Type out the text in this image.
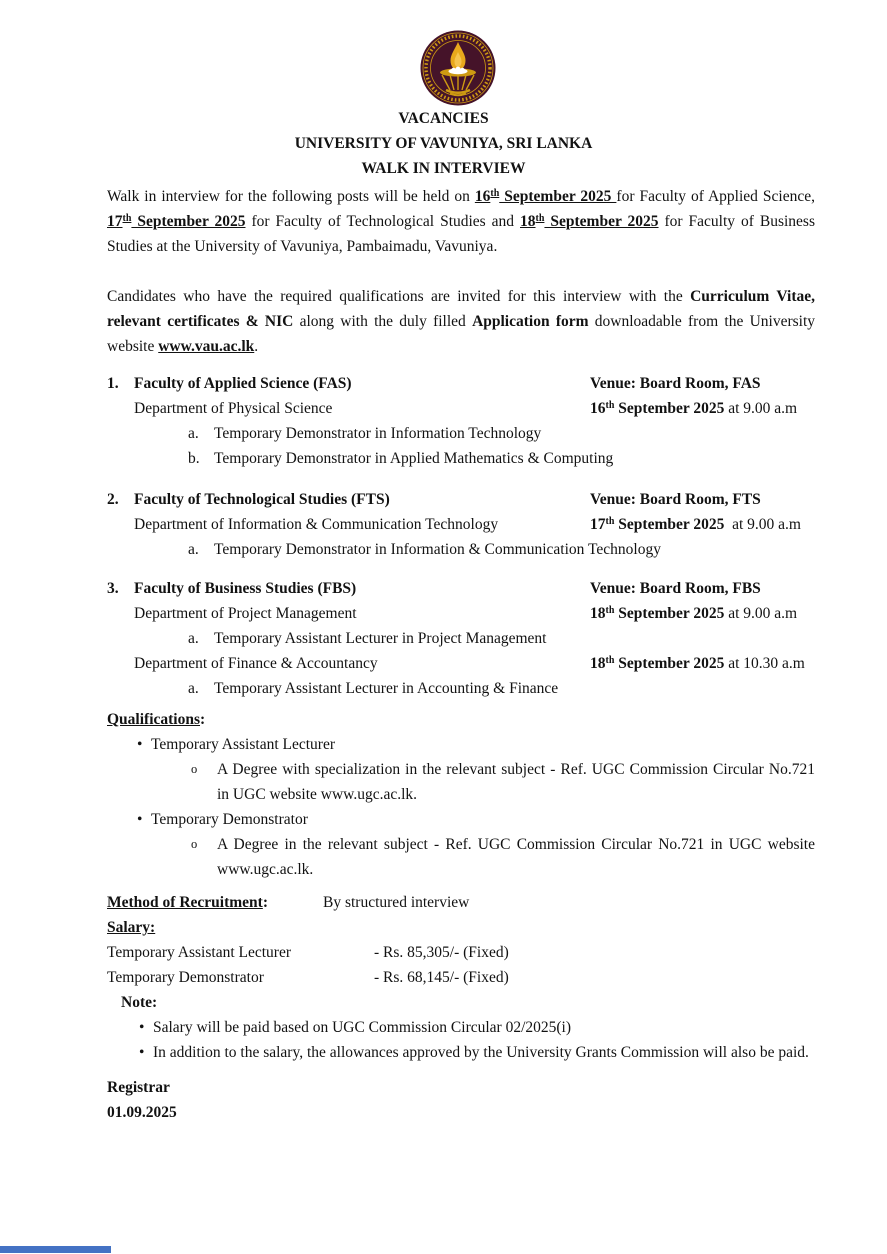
VACANCIES
UNIVERSITY OF VAVUNIYA, SRI LANKA
WALK IN INTERVIEW

Walk in interview for the following posts will be held on 16th September 2025 for Faculty of Applied Science, 17th September 2025 for Faculty of Technological Studies and 18th September 2025 for Faculty of Business Studies at the University of Vavuniya, Pambaimadu, Vavuniya.

Candidates who have the required qualifications are invited for this interview with the Curriculum Vitae, relevant certificates & NIC along with the duly filled Application form downloadable from the University website www.vau.ac.lk.

1. Faculty of Applied Science (FAS)	Venue: Board Room, FAS
Department of Physical Science	16th September 2025 at 9.00 a.m
a. Temporary Demonstrator in Information Technology
b. Temporary Demonstrator in Applied Mathematics & Computing
2. Faculty of Technological Studies (FTS)	Venue: Board Room, FTS
Department of Information & Communication Technology	17th September 2025  at 9.00 a.m
a. Temporary Demonstrator in Information & Communication Technology
3. Faculty of Business Studies (FBS)	Venue: Board Room, FBS
Department of Project Management	18th September 2025 at 9.00 a.m
a. Temporary Assistant Lecturer in Project Management
Department of Finance & Accountancy	18th September 2025 at 10.30 a.m
a. Temporary Assistant Lecturer in Accounting & Finance
Qualifications:
• Temporary Assistant Lecturer
o	A Degree with specialization in the relevant subject - Ref. UGC Commission Circular No.721 in UGC website www.ugc.ac.lk.
• Temporary Demonstrator
o	A Degree in the relevant subject - Ref. UGC Commission Circular No.721 in UGC website www.ugc.ac.lk.
Method of Recruitment:	By structured interview
Salary:
Temporary Assistant Lecturer	- Rs. 85,305/- (Fixed)
Temporary Demonstrator	- Rs. 68,145/- (Fixed)
Note:
• Salary will be paid based on UGC Commission Circular 02/2025(i)
• In addition to the salary, the allowances approved by the University Grants Commission will also be paid.
Registrar
01.09.2025
